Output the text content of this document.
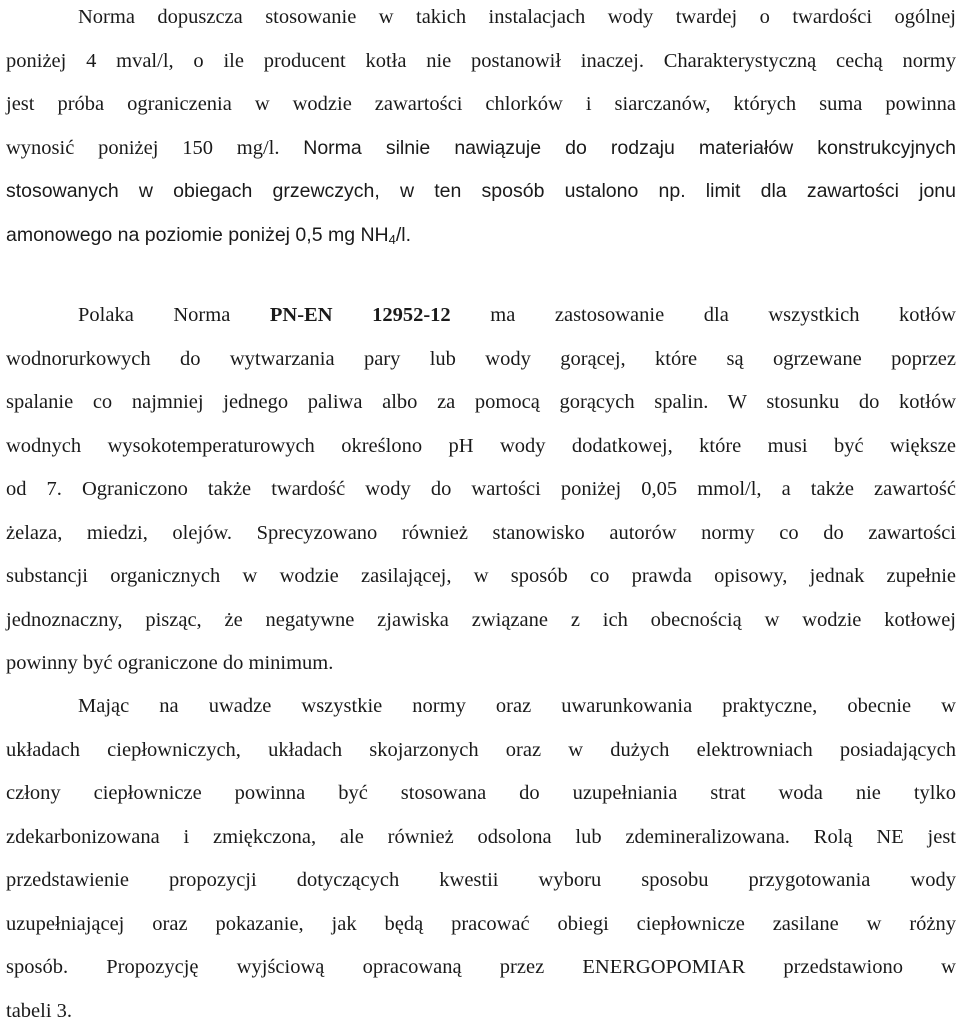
Norma dopuszcza stosowanie w takich instalacjach wody twardej o twardości ogólnej
poniżej 4 mval/l, o ile producent kotła nie postanowił inaczej. Charakterystyczną cechą normy
jest próba ograniczenia w wodzie zawartości chlorków i siarczanów, których suma powinna
wynosić poniżej 150 mg/l. Norma silnie nawiązuje do rodzaju materiałów konstrukcyjnych
stosowanych w obiegach grzewczych, w ten sposób ustalono np. limit dla zawartości jonu
amonowego na poziomie poniżej 0,5 mg $NH_4/l$.
Polaka Norma PN-EN 12952-12 ma zastosowanie dla wszystkich kotłów
wodnorurkowych do wytwarzania pary lub wody gorącej, które są ogrzewane poprzez
spalanie co najmniej jednego paliwa albo za pomocą gorących spalin. W stosunku do kotłów
wodnych wysokotemperaturowych określono pH wody dodatkowej, które musi być większe
od 7. Ograniczono także twardość wody do wartości poniżej 0,05 mmol/l, a także zawartość
żelaza, miedzi, olejów. Sprecyzowano również stanowisko autorów normy co do zawartości
substancji organicznych w wodzie zasilającej, w sposób co prawda opisowy, jednak zupełnie
jednoznaczny, pisząc, że negatywne zjawiska związane z ich obecnością w wodzie kotłowej
powinny być ograniczone do minimum.
Mając na uwadze wszystkie normy oraz uwarunkowania praktyczne, obecnie w
układach ciepłowniczych, układach skojarzonych oraz w dużych elektrowniach posiadających
człony ciepłownicze powinna być stosowana do uzupełniania strat woda nie tylko
zdekarbonizowana i zmiękczona, ale również odsolona lub zdemineralizowana. Rolą NE jest
przedstawienie propozycji dotyczących kwestii wyboru sposobu przygotowania wody
uzupełniającej oraz pokazanie, jak będą pracować obiegi ciepłownicze zasilane w różny
sposób. Propozycję wyjściową opracowaną przez ENERGOPOMIAR przedstawiono w
tabeli 3.
